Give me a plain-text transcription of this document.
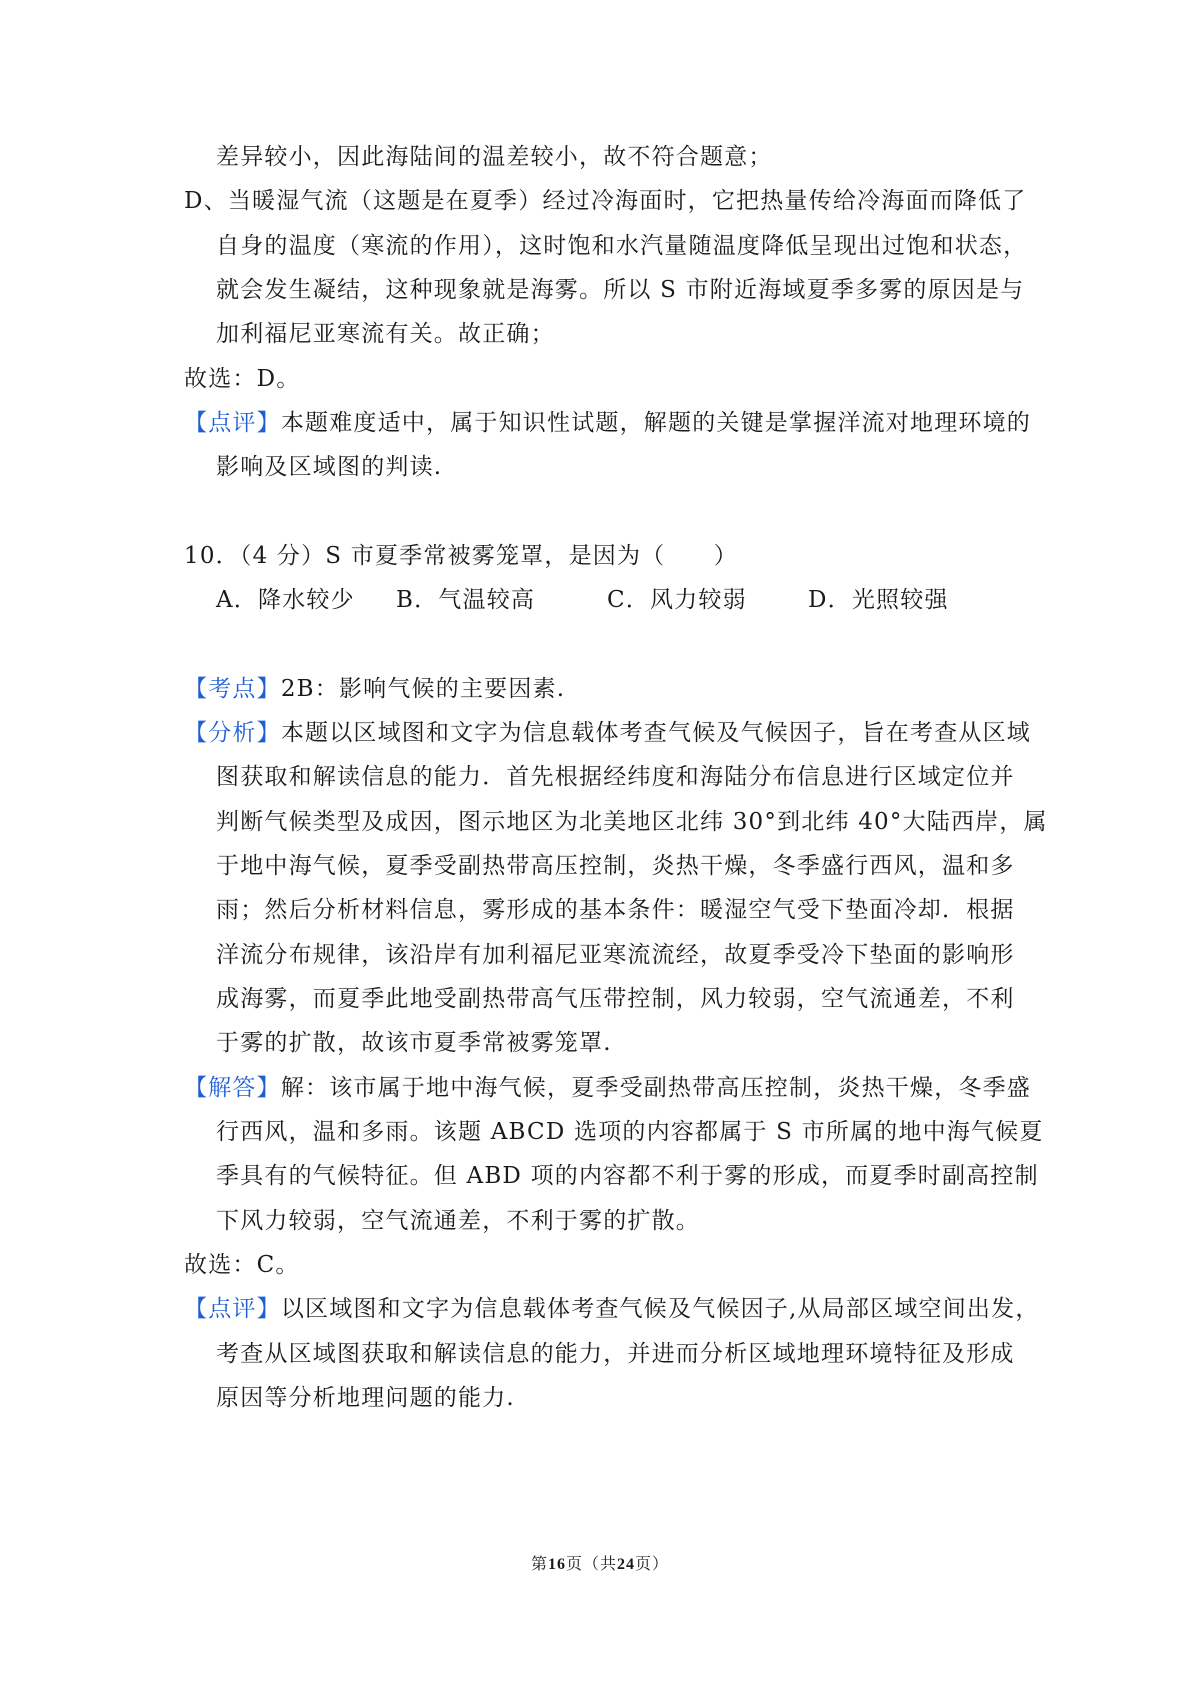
差异较小，因此海陆间的温差较小，故不符合题意；
D、当暖湿气流（这题是在夏季）经过冷海面时，它把热量传给冷海面而降低了
自身的温度（寒流的作用），这时饱和水汽量随温度降低呈现出过饱和状态，
就会发生凝结，这种现象就是海雾。所以 S 市附近海域夏季多雾的原因是与
加利福尼亚寒流有关。故正确；
故选：D。
【点评】本题难度适中，属于知识性试题，解题的关键是掌握洋流对地理环境的
影响及区域图的判读.
10．（4 分）S 市夏季常被雾笼罩，是因为（　　）
A．降水较少 B．气温较高	C．风力较弱	D．光照较强
【考点】2B：影响气候的主要因素.
【分析】本题以区域图和文字为信息载体考查气候及气候因子，旨在考查从区域
图获取和解读信息的能力．首先根据经纬度和海陆分布信息进行区域定位并
判断气候类型及成因，图示地区为北美地区北纬 30°到北纬 40°大陆西岸，属
于地中海气候，夏季受副热带高压控制，炎热干燥，冬季盛行西风，温和多
雨；然后分析材料信息，雾形成的基本条件：暖湿空气受下垫面冷却．根据
洋流分布规律，该沿岸有加利福尼亚寒流流经，故夏季受冷下垫面的影响形
成海雾，而夏季此地受副热带高气压带控制，风力较弱，空气流通差，不利
于雾的扩散，故该市夏季常被雾笼罩.
【解答】解：该市属于地中海气候，夏季受副热带高压控制，炎热干燥，冬季盛
行西风，温和多雨。该题 ABCD 选项的内容都属于 S 市所属的地中海气候夏
季具有的气候特征。但 ABD 项的内容都不利于雾的形成，而夏季时副高控制
下风力较弱，空气流通差，不利于雾的扩散。
故选：C。
【点评】以区域图和文字为信息载体考查气候及气候因子,从局部区域空间出发，
考查从区域图获取和解读信息的能力，并进而分析区域地理环境特征及形成
原因等分析地理问题的能力.
第16页（共24页）
